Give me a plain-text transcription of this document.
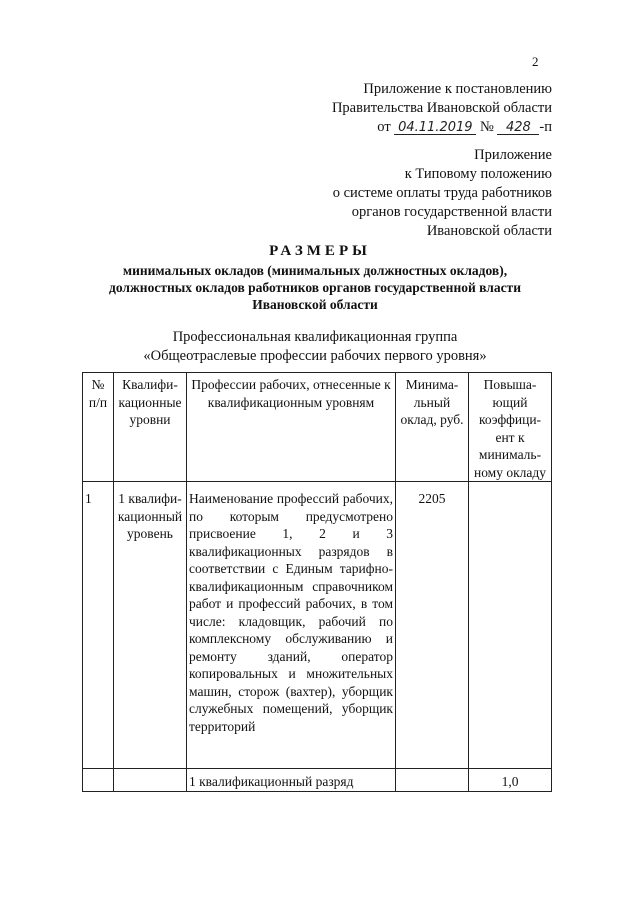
2
Приложение к постановлению
Правительства Ивановской области
от 04.11.2019 № 428 -п
Приложение
к Типовому положению
о системе оплаты труда работников
органов государственной власти
Ивановской области
РАЗМЕРЫ
минимальных окладов (минимальных должностных окладов),
должностных окладов работников органов государственной власти
Ивановской области
Профессиональная квалификационная группа
«Общеотраслевые профессии рабочих первого уровня»
№ п/п	Квалифи-кационные уровни	Профессии рабочих, отнесенные к квалификационным уровням	Минима-льный оклад, руб.	Повыша-ющий коэффици-ент к минималь-ному окладу
1	1 квалифи-кационный уровень	Наименование профессий рабочих, по которым предусмотрено присвоение 1, 2 и 3 квалификационных разрядов в соответствии с Единым тарифно-квалификационным справочником работ и профессий рабочих, в том числе: кладовщик, рабочий по комплексному обслуживанию и ремонту зданий, оператор копировальных и множительных машин, сторож (вахтер), уборщик служебных помещений, уборщик территорий	2205	
		1 квалификационный разряд		1,0
